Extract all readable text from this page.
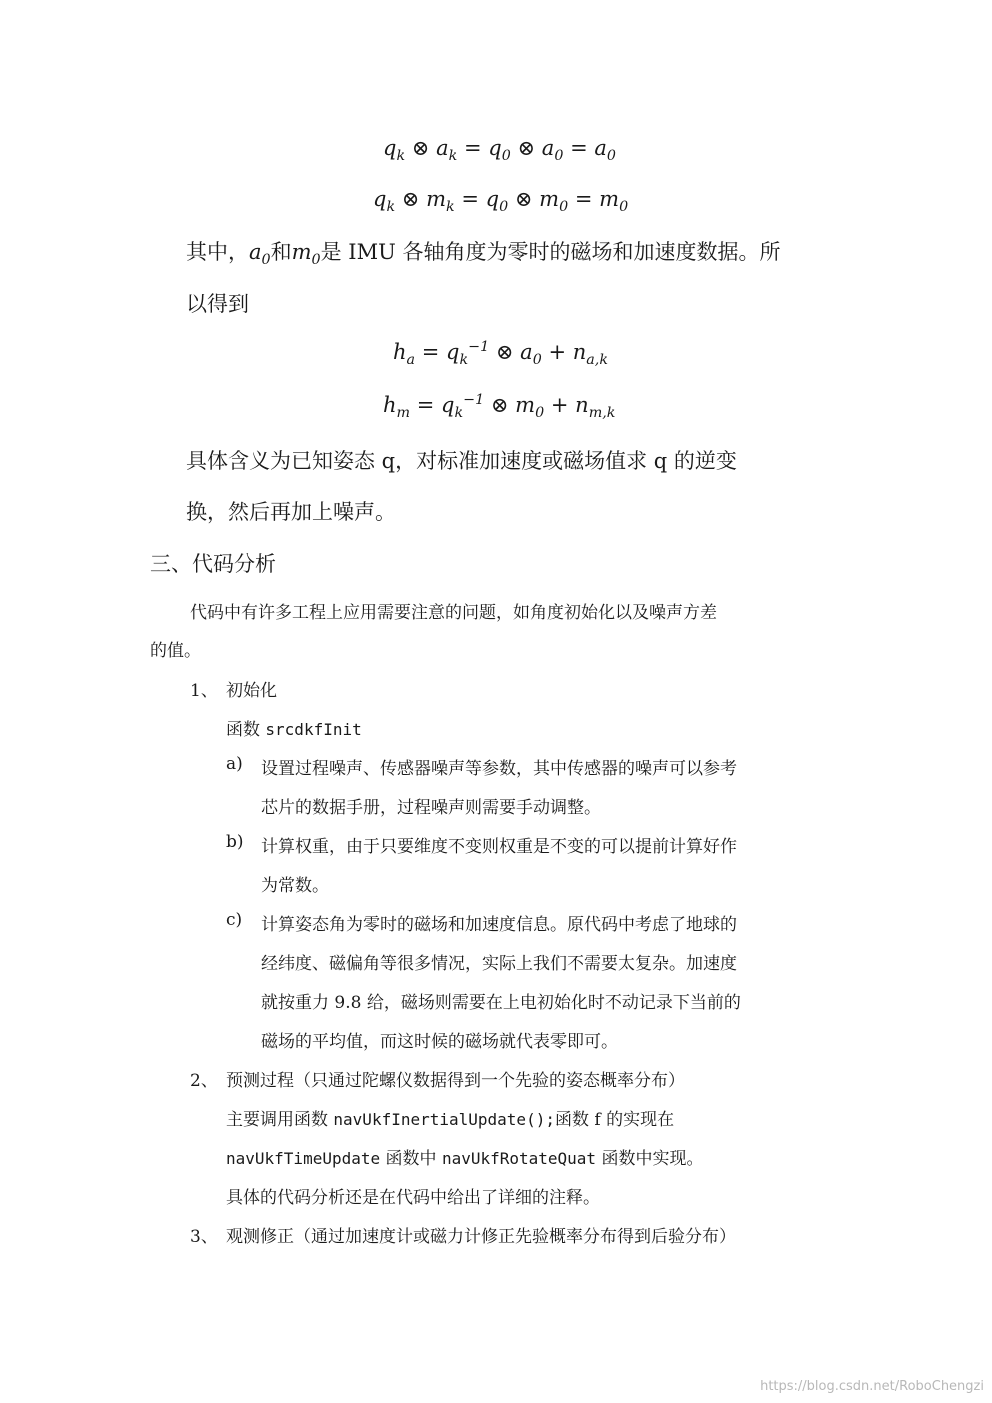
$q_k$ ⊗ $a_k = q_0$ ⊗ $a_0 = a_0$
$q_k$ ⊗ $m_k = q_0$ ⊗ $m_0 = m_0$
其中，$a_0$和$m_0$是 IMU 各轴角度为零时的磁场和加速度数据。所
以得到
$h_a = q_k^{-1}$ ⊗ $a_0 + n_{a,k}$
$h_m = q_k^{-1}$ ⊗ $m_0 + n_{m,k}$
具体含义为已知姿态 q，对标准加速度或磁场值求 q 的逆变
换，然后再加上噪声。
三、代码分析
代码中有许多工程上应用需要注意的问题，如角度初始化以及噪声方差
的值。
1、 初始化
函数 srcdkfInit
a) 设置过程噪声、传感器噪声等参数，其中传感器的噪声可以参考
芯片的数据手册，过程噪声则需要手动调整。
b) 计算权重，由于只要维度不变则权重是不变的可以提前计算好作
为常数。
c) 计算姿态角为零时的磁场和加速度信息。原代码中考虑了地球的
经纬度、磁偏角等很多情况，实际上我们不需要太复杂。加速度
就按重力 9.8 给，磁场则需要在上电初始化时不动记录下当前的
磁场的平均值，而这时候的磁场就代表零即可。
2、 预测过程（只通过陀螺仪数据得到一个先验的姿态概率分布）
主要调用函数 navUkfInertialUpdate();函数 f 的实现在
navUkfTimeUpdate 函数中 navUkfRotateQuat 函数中实现。
具体的代码分析还是在代码中给出了详细的注释。
3、 观测修正（通过加速度计或磁力计修正先验概率分布得到后验分布）
https://blog.csdn.net/RoboChengzi
